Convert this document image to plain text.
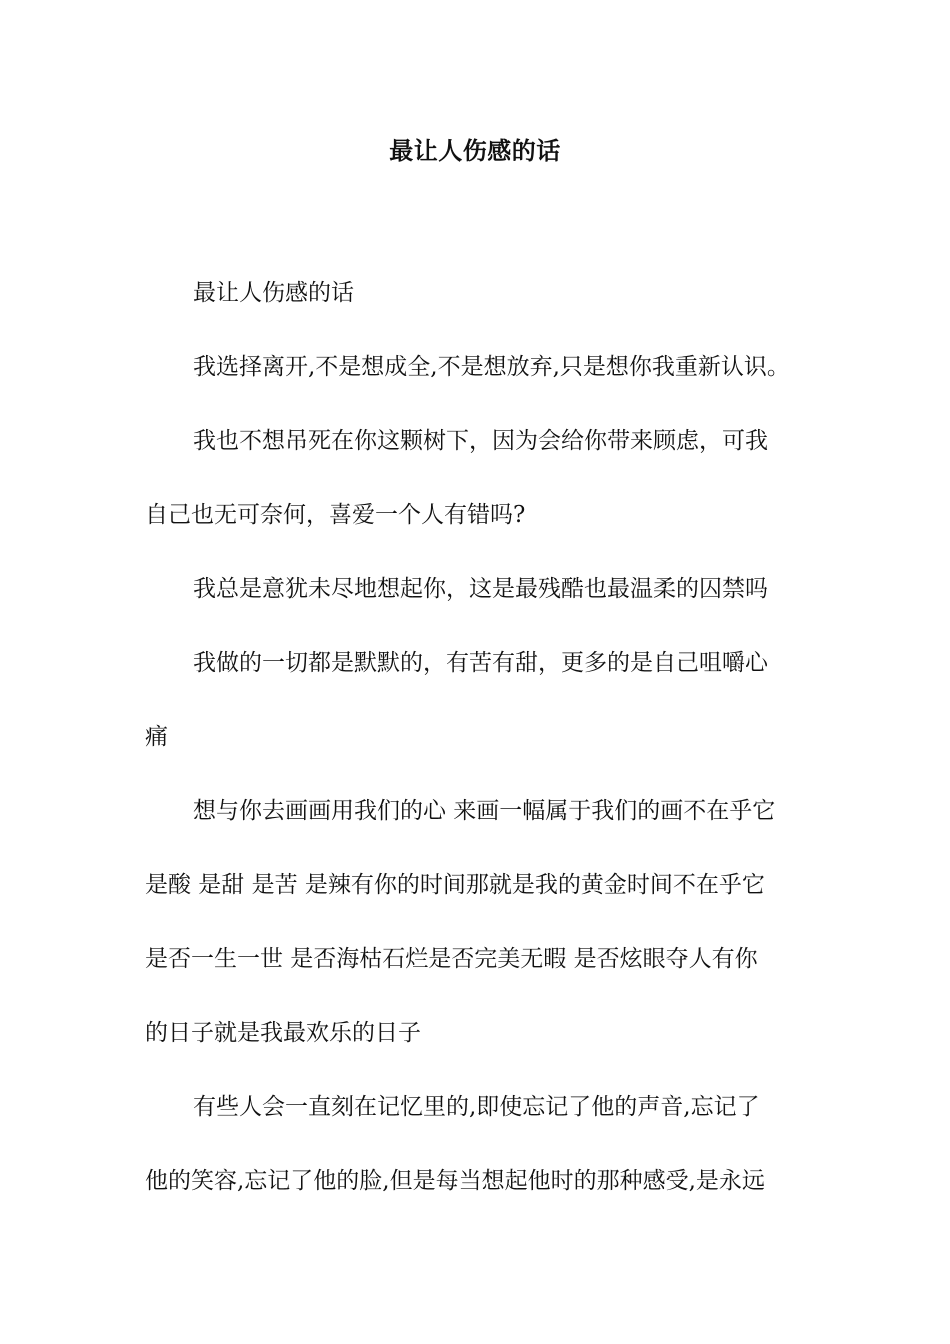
最让人伤感的话
最让人伤感的话
我选择离开,不是想成全,不是想放弃,只是想你我重新认识。
我也不想吊死在你这颗树下，因为会给你带来顾虑，可我
自己也无可奈何，喜爱一个人有错吗?
我总是意犹未尽地想起你，这是最残酷也最温柔的囚禁吗
我做的一切都是默默的，有苦有甜，更多的是自己咀嚼心
痛
想与你去画画用我们的心 来画一幅属于我们的画不在乎它
是酸 是甜 是苦 是辣有你的时间那就是我的黄金时间不在乎它
是否一生一世 是否海枯石烂是否完美无暇 是否炫眼夺人有你
的日子就是我最欢乐的日子
有些人会一直刻在记忆里的,即使忘记了他的声音,忘记了
他的笑容,忘记了他的脸,但是每当想起他时的那种感受,是永远
